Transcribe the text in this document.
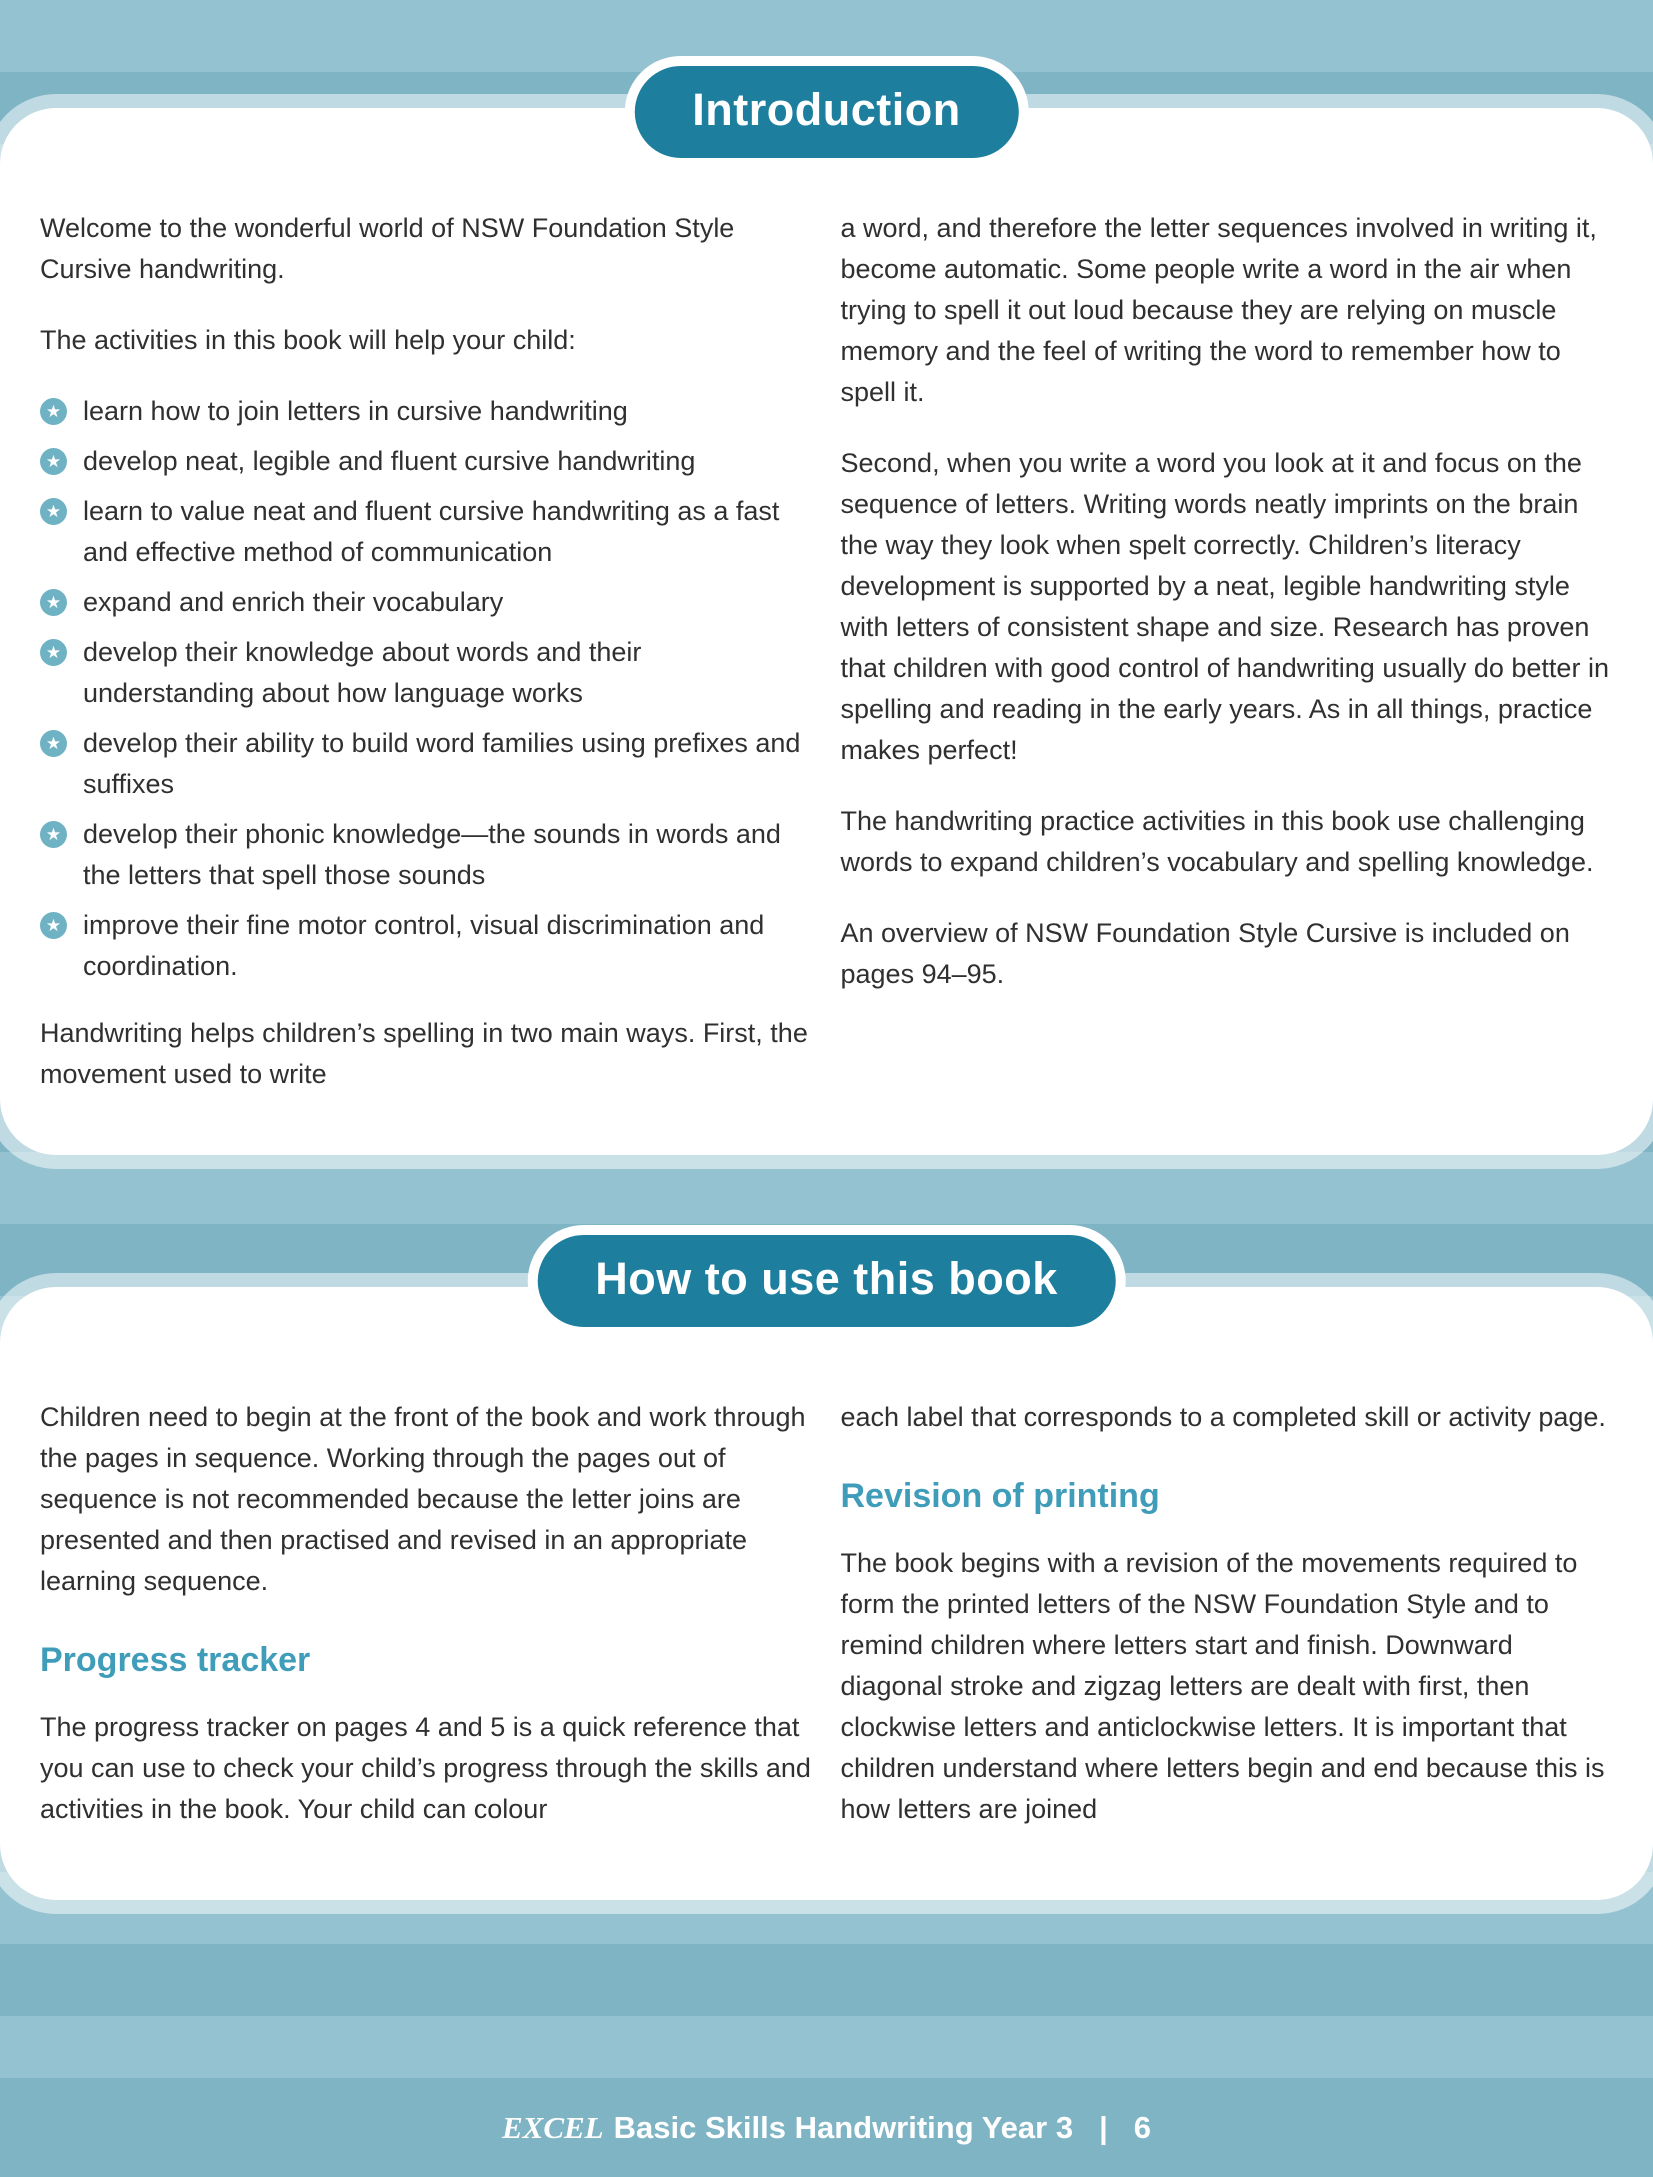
Introduction

Welcome to the wonderful world of NSW Foundation Style Cursive handwriting.

The activities in this book will help your child:

★ learn how to join letters in cursive handwriting
★ develop neat, legible and fluent cursive handwriting
★ learn to value neat and fluent cursive handwriting as a fast and effective method of communication
★ expand and enrich their vocabulary
★ develop their knowledge about words and their understanding about how language works
★ develop their ability to build word families using prefixes and suffixes
★ develop their phonic knowledge—the sounds in words and the letters that spell those sounds
★ improve their fine motor control, visual discrimination and coordination.

Handwriting helps children’s spelling in two main ways. First, the movement used to write

a word, and therefore the letter sequences involved in writing it, become automatic. Some people write a word in the air when trying to spell it out loud because they are relying on muscle memory and the feel of writing the word to remember how to spell it.

Second, when you write a word you look at it and focus on the sequence of letters. Writing words neatly imprints on the brain the way they look when spelt correctly. Children’s literacy development is supported by a neat, legible handwriting style with letters of consistent shape and size. Research has proven that children with good control of handwriting usually do better in spelling and reading in the early years. As in all things, practice makes perfect!

The handwriting practice activities in this book use challenging words to expand children’s vocabulary and spelling knowledge.

An overview of NSW Foundation Style Cursive is included on pages 94–95.

How to use this book

Children need to begin at the front of the book and work through the pages in sequence. Working through the pages out of sequence is not recommended because the letter joins are presented and then practised and revised in an appropriate learning sequence.

Progress tracker

The progress tracker on pages 4 and 5 is a quick reference that you can use to check your child’s progress through the skills and activities in the book. Your child can colour

each label that corresponds to a completed skill or activity page.

Revision of printing

The book begins with a revision of the movements required to form the printed letters of the NSW Foundation Style and to remind children where letters start and finish. Downward diagonal stroke and zigzag letters are dealt with first, then clockwise letters and anticlockwise letters. It is important that children understand where letters begin and end because this is how letters are joined

EXCEL Basic Skills Handwriting Year 3 | 6
